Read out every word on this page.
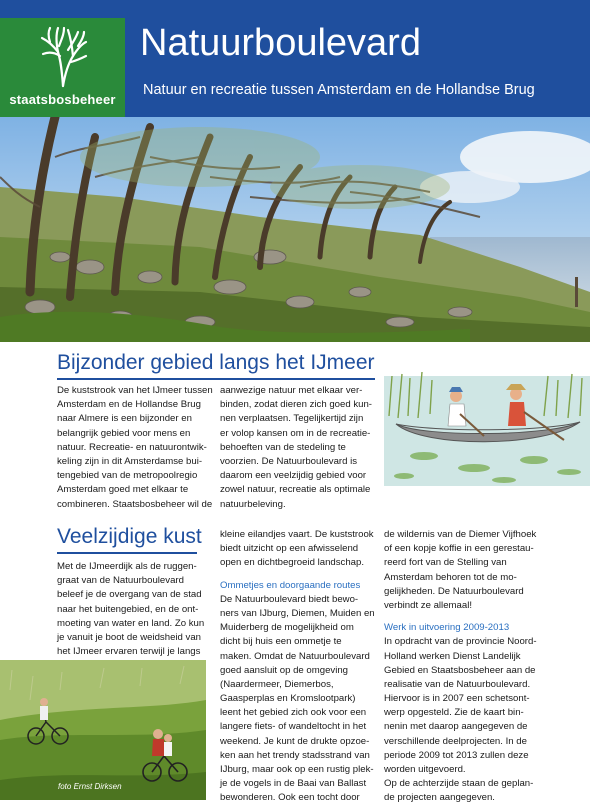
staatsbosbeheer
Natuurboulevard
Natuur en recreatie tussen Amsterdam en de Hollandse Brug
Bijzonder gebied langs het IJmeer
De kuststrook van het IJmeer tussen
Amsterdam en de Hollandse Brug
naar Almere is een bijzonder en
belangrijk gebied voor mens en
natuur. Recreatie- en natuurontwik-
keling zijn in dit Amsterdamse bui-
tengebied van de metropoolregio
Amsterdam goed met elkaar te
combineren. Staatsbosbeheer wil de
aanwezige natuur met elkaar ver-
binden, zodat dieren zich goed kun-
nen verplaatsen. Tegelijkertijd zijn
er volop kansen om in de recreatie-
behoeften van de stedeling te
voorzien. De Natuurboulevard is
daarom een veelzijdig gebied voor
zowel natuur, recreatie als optimale
natuurbeleving.
Veelzijdige kust
Met de IJmeerdijk als de ruggen-
graat van de Natuurboulevard
beleef je de overgang van de stad
naar het buitengebied, en de ont-
moeting van water en land. Zo kun
je vanuit je boot de weidsheid van
het IJmeer ervaren terwijl je langs
kleine eilandjes vaart. De kuststrook
biedt uitzicht op een afwisselend
open en dichtbegroeid landschap.
Ommetjes en doorgaande routes
De Natuurboulevard biedt bewo-
ners van IJburg, Diemen, Muiden en
Muiderberg de mogelijkheid om
dicht bij huis een ommetje te
maken. Omdat de Natuurboulevard
goed aansluit op de omgeving
(Naardermeer, Diemerbos,
Gaasperplas en Kromslootpark)
leent het gebied zich ook voor een
langere fiets- of wandeltocht in het
weekend. Je kunt de drukte opzoe-
ken aan het trendy stadsstrand van
IJburg, maar ook op een rustig plek-
je de vogels in de Baai van Ballast
bewonderen. Ook een tocht door
de wildernis van de Diemer Vijfhoek
of een kopje koffie in een gerestau-
reerd fort van de Stelling van
Amsterdam behoren tot de mo-
gelijkheden. De Natuurboulevard
verbindt ze allemaal!
Werk in uitvoering 2009-2013
In opdracht van de provincie Noord-
Holland werken Dienst Landelijk
Gebied en Staatsbosbeheer aan de
realisatie van de Natuurboulevard.
Hiervoor is in 2007 een schetsont-
werp opgesteld. Zie de kaart bin-
nenin met daarop aangegeven de
verschillende deelprojecten. In de
periode 2009 tot 2013 zullen deze
worden uitgevoerd.
Op de achterzijde staan de geplan-
de projecten aangegeven.
foto Ernst Dirksen
